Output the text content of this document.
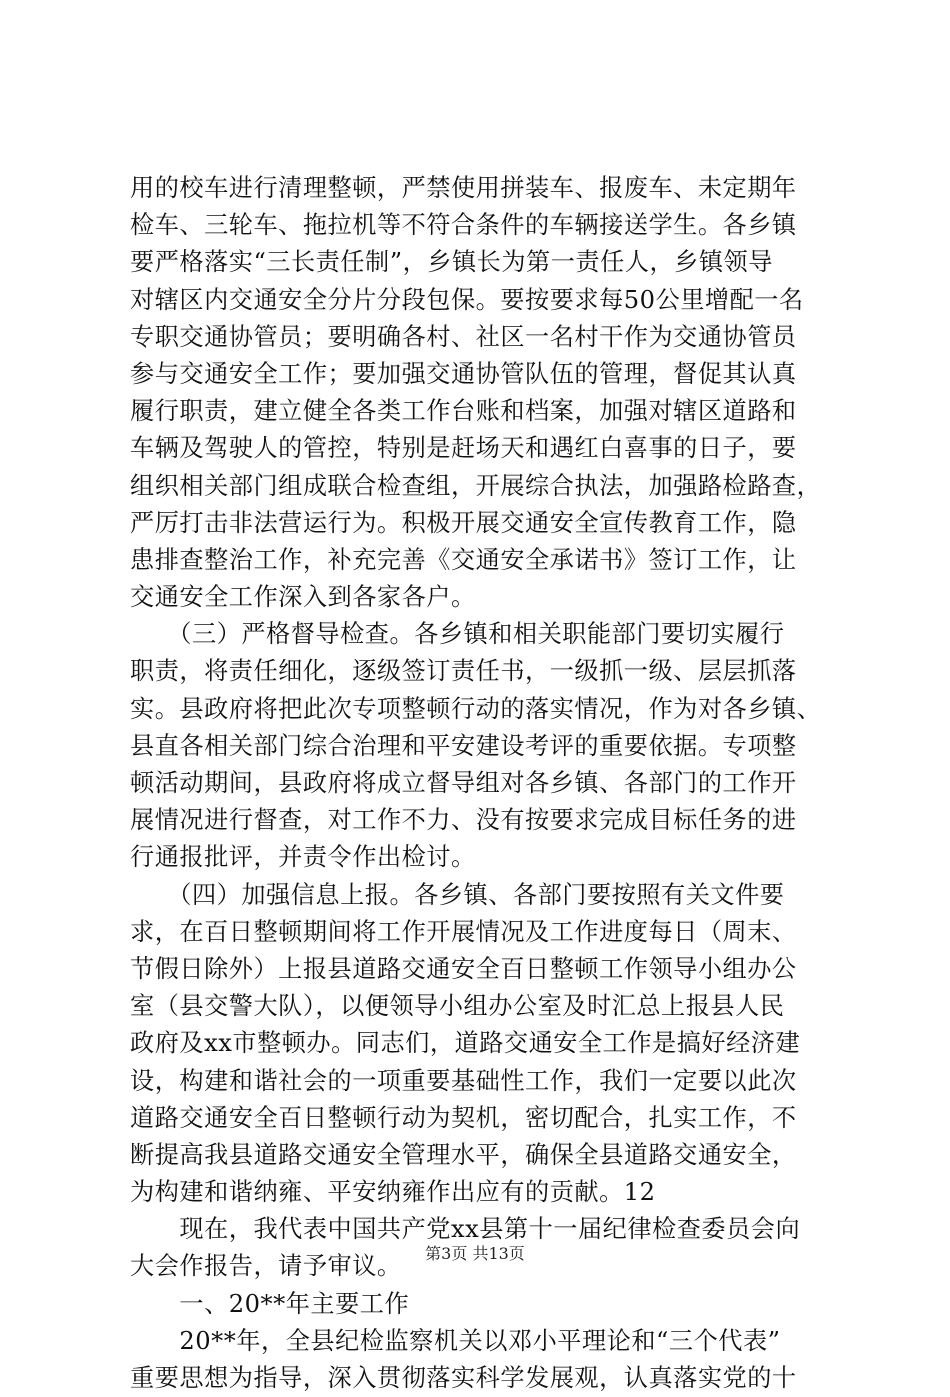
用的校车进行清理整顿，严禁使用拼装车、报废车、未定期年
检车、三轮车、拖拉机等不符合条件的车辆接送学生。各乡镇
要严格落实“三长责任制”，乡镇长为第一责任人，乡镇领导
对辖区内交通安全分片分段包保。要按要求每50公里增配一名
专职交通协管员；要明确各村、社区一名村干作为交通协管员
参与交通安全工作；要加强交通协管队伍的管理，督促其认真
履行职责，建立健全各类工作台账和档案，加强对辖区道路和
车辆及驾驶人的管控，特别是赶场天和遇红白喜事的日子，要
组织相关部门组成联合检查组，开展综合执法，加强路检路查，
严厉打击非法营运行为。积极开展交通安全宣传教育工作，隐
患排查整治工作，补充完善《交通安全承诺书》签订工作，让
交通安全工作深入到各家各户。
　　（三）严格督导检查。各乡镇和相关职能部门要切实履行
职责，将责任细化，逐级签订责任书，一级抓一级、层层抓落
实。县政府将把此次专项整顿行动的落实情况，作为对各乡镇、
县直各相关部门综合治理和平安建设考评的重要依据。专项整
顿活动期间，县政府将成立督导组对各乡镇、各部门的工作开
展情况进行督查，对工作不力、没有按要求完成目标任务的进
行通报批评，并责令作出检讨。
　　（四）加强信息上报。各乡镇、各部门要按照有关文件要
求，在百日整顿期间将工作开展情况及工作进度每日（周末、
节假日除外）上报县道路交通安全百日整顿工作领导小组办公
室（县交警大队），以便领导小组办公室及时汇总上报县人民
政府及xx市整顿办。同志们，道路交通安全工作是搞好经济建
设，构建和谐社会的一项重要基础性工作，我们一定要以此次
道路交通安全百日整顿行动为契机，密切配合，扎实工作，不
断提高我县道路交通安全管理水平，确保全县道路交通安全，
为构建和谐纳雍、平安纳雍作出应有的贡献。12
　　现在，我代表中国共产党xx县第十一届纪律检查委员会向
大会作报告，请予审议。
　　一、20**年主要工作
　　20**年，全县纪检监察机关以邓小平理论和“三个代表”
重要思想为指导，深入贯彻落实科学发展观，认真落实党的十
第3页 共13页
